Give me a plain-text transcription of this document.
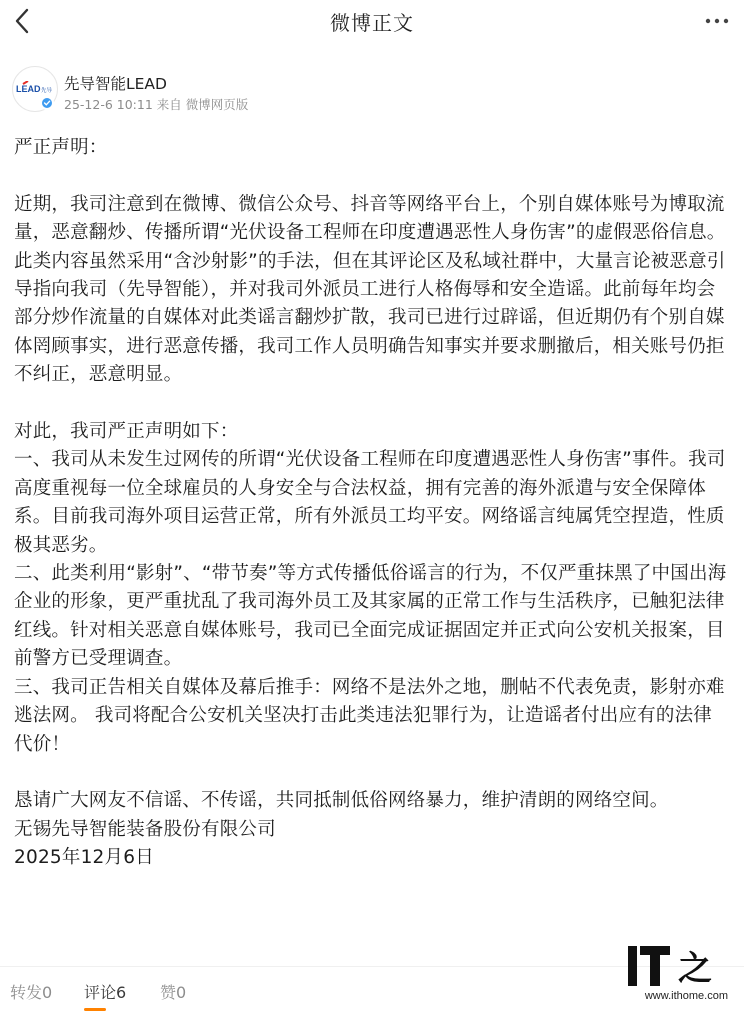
微博正文
LEAD 先导 先导智能LEAD
25-12-6 10:11 来自 微博网页版

严正声明：

近期，我司注意到在微博、微信公众号、抖音等网络平台上，个别自媒体账号为博取流量，恶意翻炒、传播所谓“光伏设备工程师在印度遭遇恶性人身伤害”的虚假恶俗信息。

此类内容虽然采用“含沙射影”的手法，但在其评论区及私域社群中，大量言论被恶意引导指向我司（先导智能），并对我司外派员工进行人格侮辱和安全造谣。此前每年均会部分炒作流量的自媒体对此类谣言翻炒扩散，我司已进行过辟谣，但近期仍有个别自媒体罔顾事实，进行恶意传播，我司工作人员明确告知事实并要求删撤后，相关账号仍拒不纠正，恶意明显。

对此，我司严正声明如下：

一、我司从未发生过网传的所谓“光伏设备工程师在印度遭遇恶性人身伤害”事件。我司高度重视每一位全球雇员的人身安全与合法权益，拥有完善的海外派遣与安全保障体系。目前我司海外项目运营正常，所有外派员工均平安。网络谣言纯属凭空捏造，性质极其恶劣。

二、此类利用“影射”、“带节奏”等方式传播低俗谣言的行为，不仅严重抹黑了中国出海企业的形象，更严重扰乱了我司海外员工及其家属的正常工作与生活秩序，已触犯法律红线。针对相关恶意自媒体账号，我司已全面完成证据固定并正式向公安机关报案，目前警方已受理调查。

三、我司正告相关自媒体及幕后推手：网络不是法外之地，删帖不代表免责，影射亦难逃法网。 我司将配合公安机关坚决打击此类违法犯罪行为，让造谣者付出应有的法律代价！

恳请广大网友不信谣、不传谣，共同抵制低俗网络暴力，维护清朗的网络空间。

无锡先导智能装备股份有限公司

2025年12月6日

转发0 评论6 赞0
之
www.ithome.com
